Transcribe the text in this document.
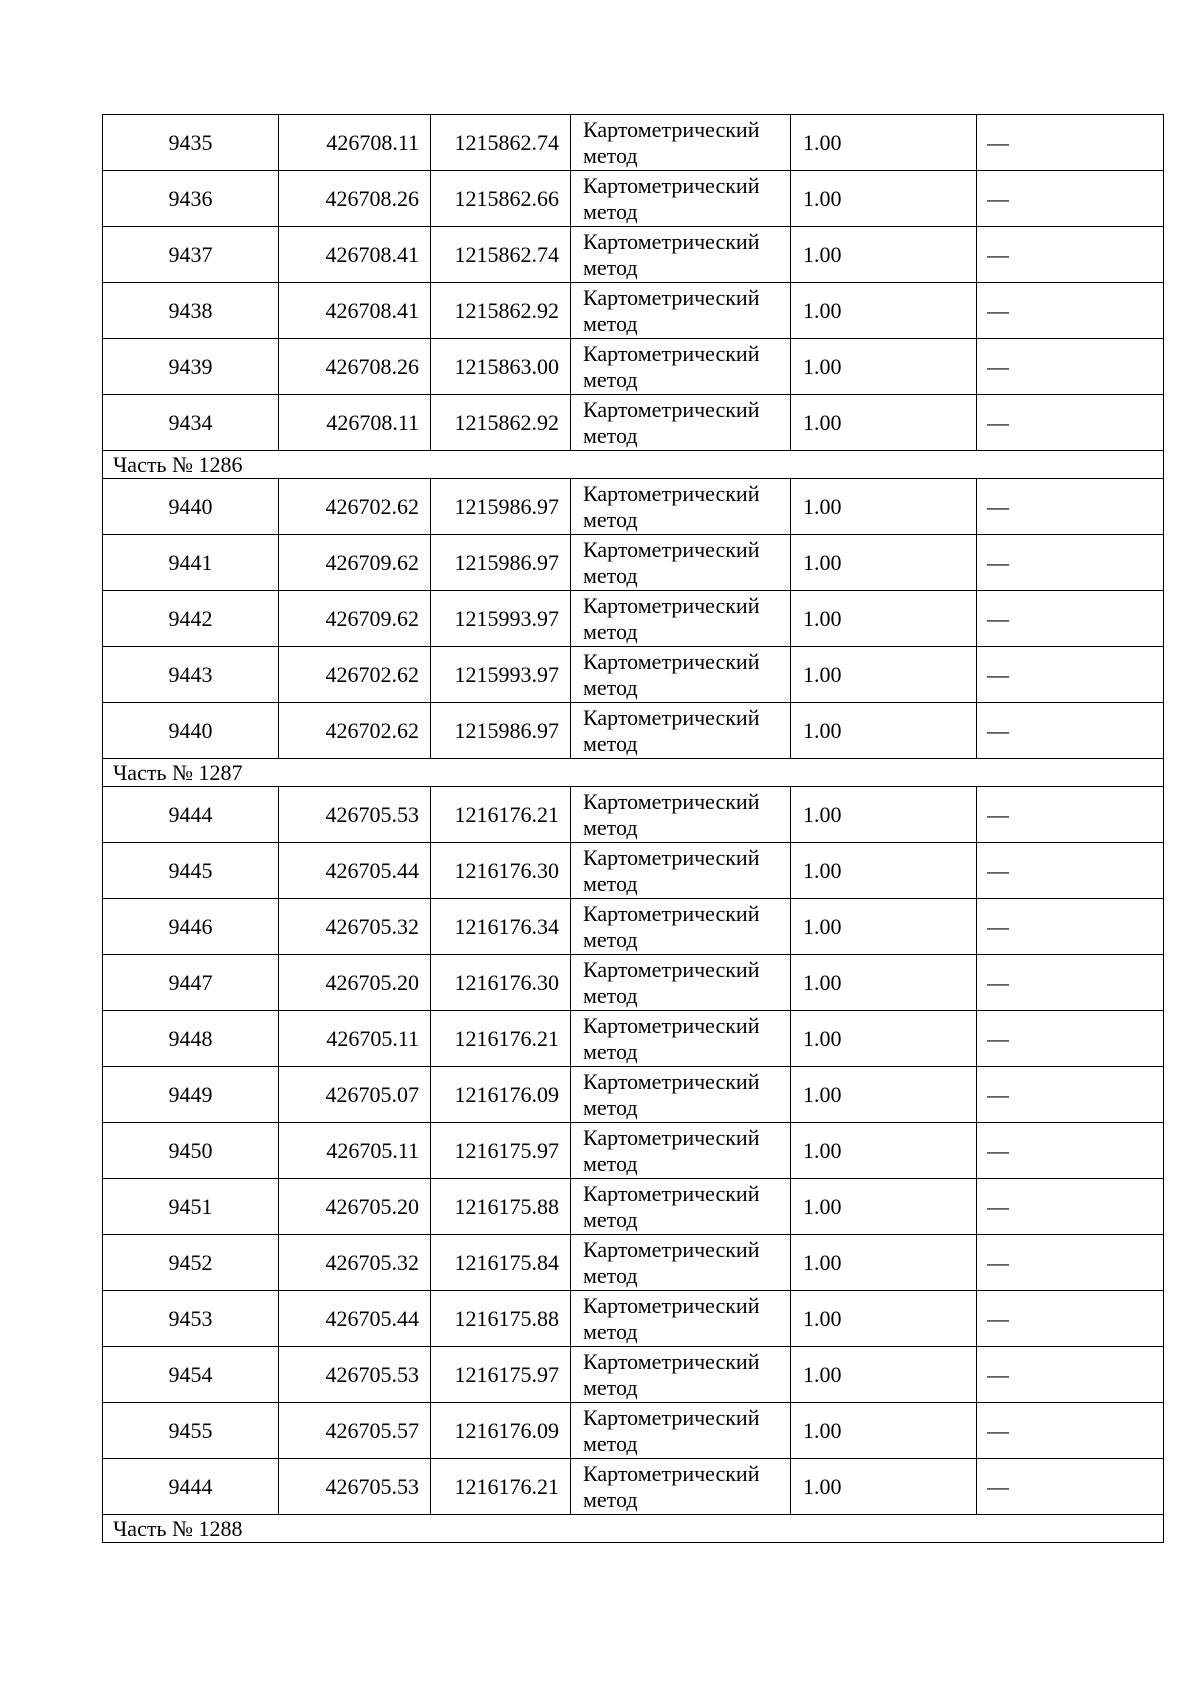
9435	426708.11	1215862.74	Картометрический
метод	1.00	—
9436	426708.26	1215862.66	Картометрический
метод	1.00	—
9437	426708.41	1215862.74	Картометрический
метод	1.00	—
9438	426708.41	1215862.92	Картометрический
метод	1.00	—
9439	426708.26	1215863.00	Картометрический
метод	1.00	—
9434	426708.11	1215862.92	Картометрический
метод	1.00	—
Часть № 1286					
9440	426702.62	1215986.97	Картометрический
метод	1.00	—
9441	426709.62	1215986.97	Картометрический
метод	1.00	—
9442	426709.62	1215993.97	Картометрический
метод	1.00	—
9443	426702.62	1215993.97	Картометрический
метод	1.00	—
9440	426702.62	1215986.97	Картометрический
метод	1.00	—
Часть № 1287					
9444	426705.53	1216176.21	Картометрический
метод	1.00	—
9445	426705.44	1216176.30	Картометрический
метод	1.00	—
9446	426705.32	1216176.34	Картометрический
метод	1.00	—
9447	426705.20	1216176.30	Картометрический
метод	1.00	—
9448	426705.11	1216176.21	Картометрический
метод	1.00	—
9449	426705.07	1216176.09	Картометрический
метод	1.00	—
9450	426705.11	1216175.97	Картометрический
метод	1.00	—
9451	426705.20	1216175.88	Картометрический
метод	1.00	—
9452	426705.32	1216175.84	Картометрический
метод	1.00	—
9453	426705.44	1216175.88	Картометрический
метод	1.00	—
9454	426705.53	1216175.97	Картометрический
метод	1.00	—
9455	426705.57	1216176.09	Картометрический
метод	1.00	—
9444	426705.53	1216176.21	Картометрический
метод	1.00	—
Часть № 1288					
